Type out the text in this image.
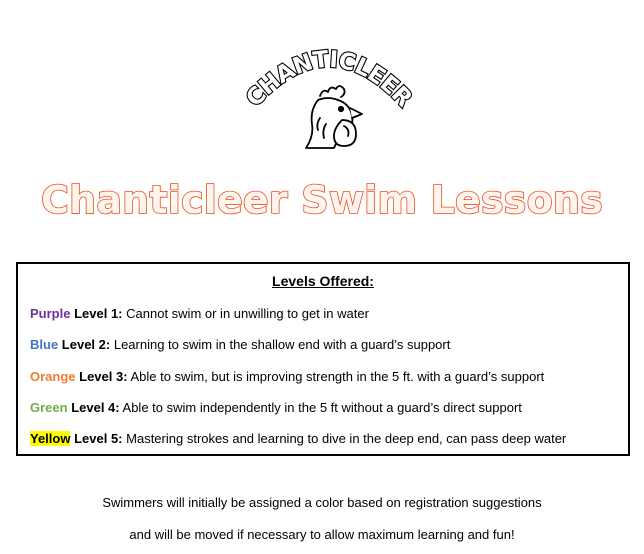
CHANTICLEER
Chanticleer Swim Lessons
Levels Offered:
Purple Level 1: Cannot swim or in unwilling to get in water
Blue Level 2: Learning to swim in the shallow end with a guard’s support
Orange Level 3: Able to swim, but is improving strength in the 5 ft. with a guard’s support
Green Level 4: Able to swim independently in the 5 ft without a guard’s direct support
Yellow Level 5: Mastering strokes and learning to dive in the deep end, can pass deep water
Swimmers will initially be assigned a color based on registration suggestions
and will be moved if necessary to allow maximum learning and fun!
